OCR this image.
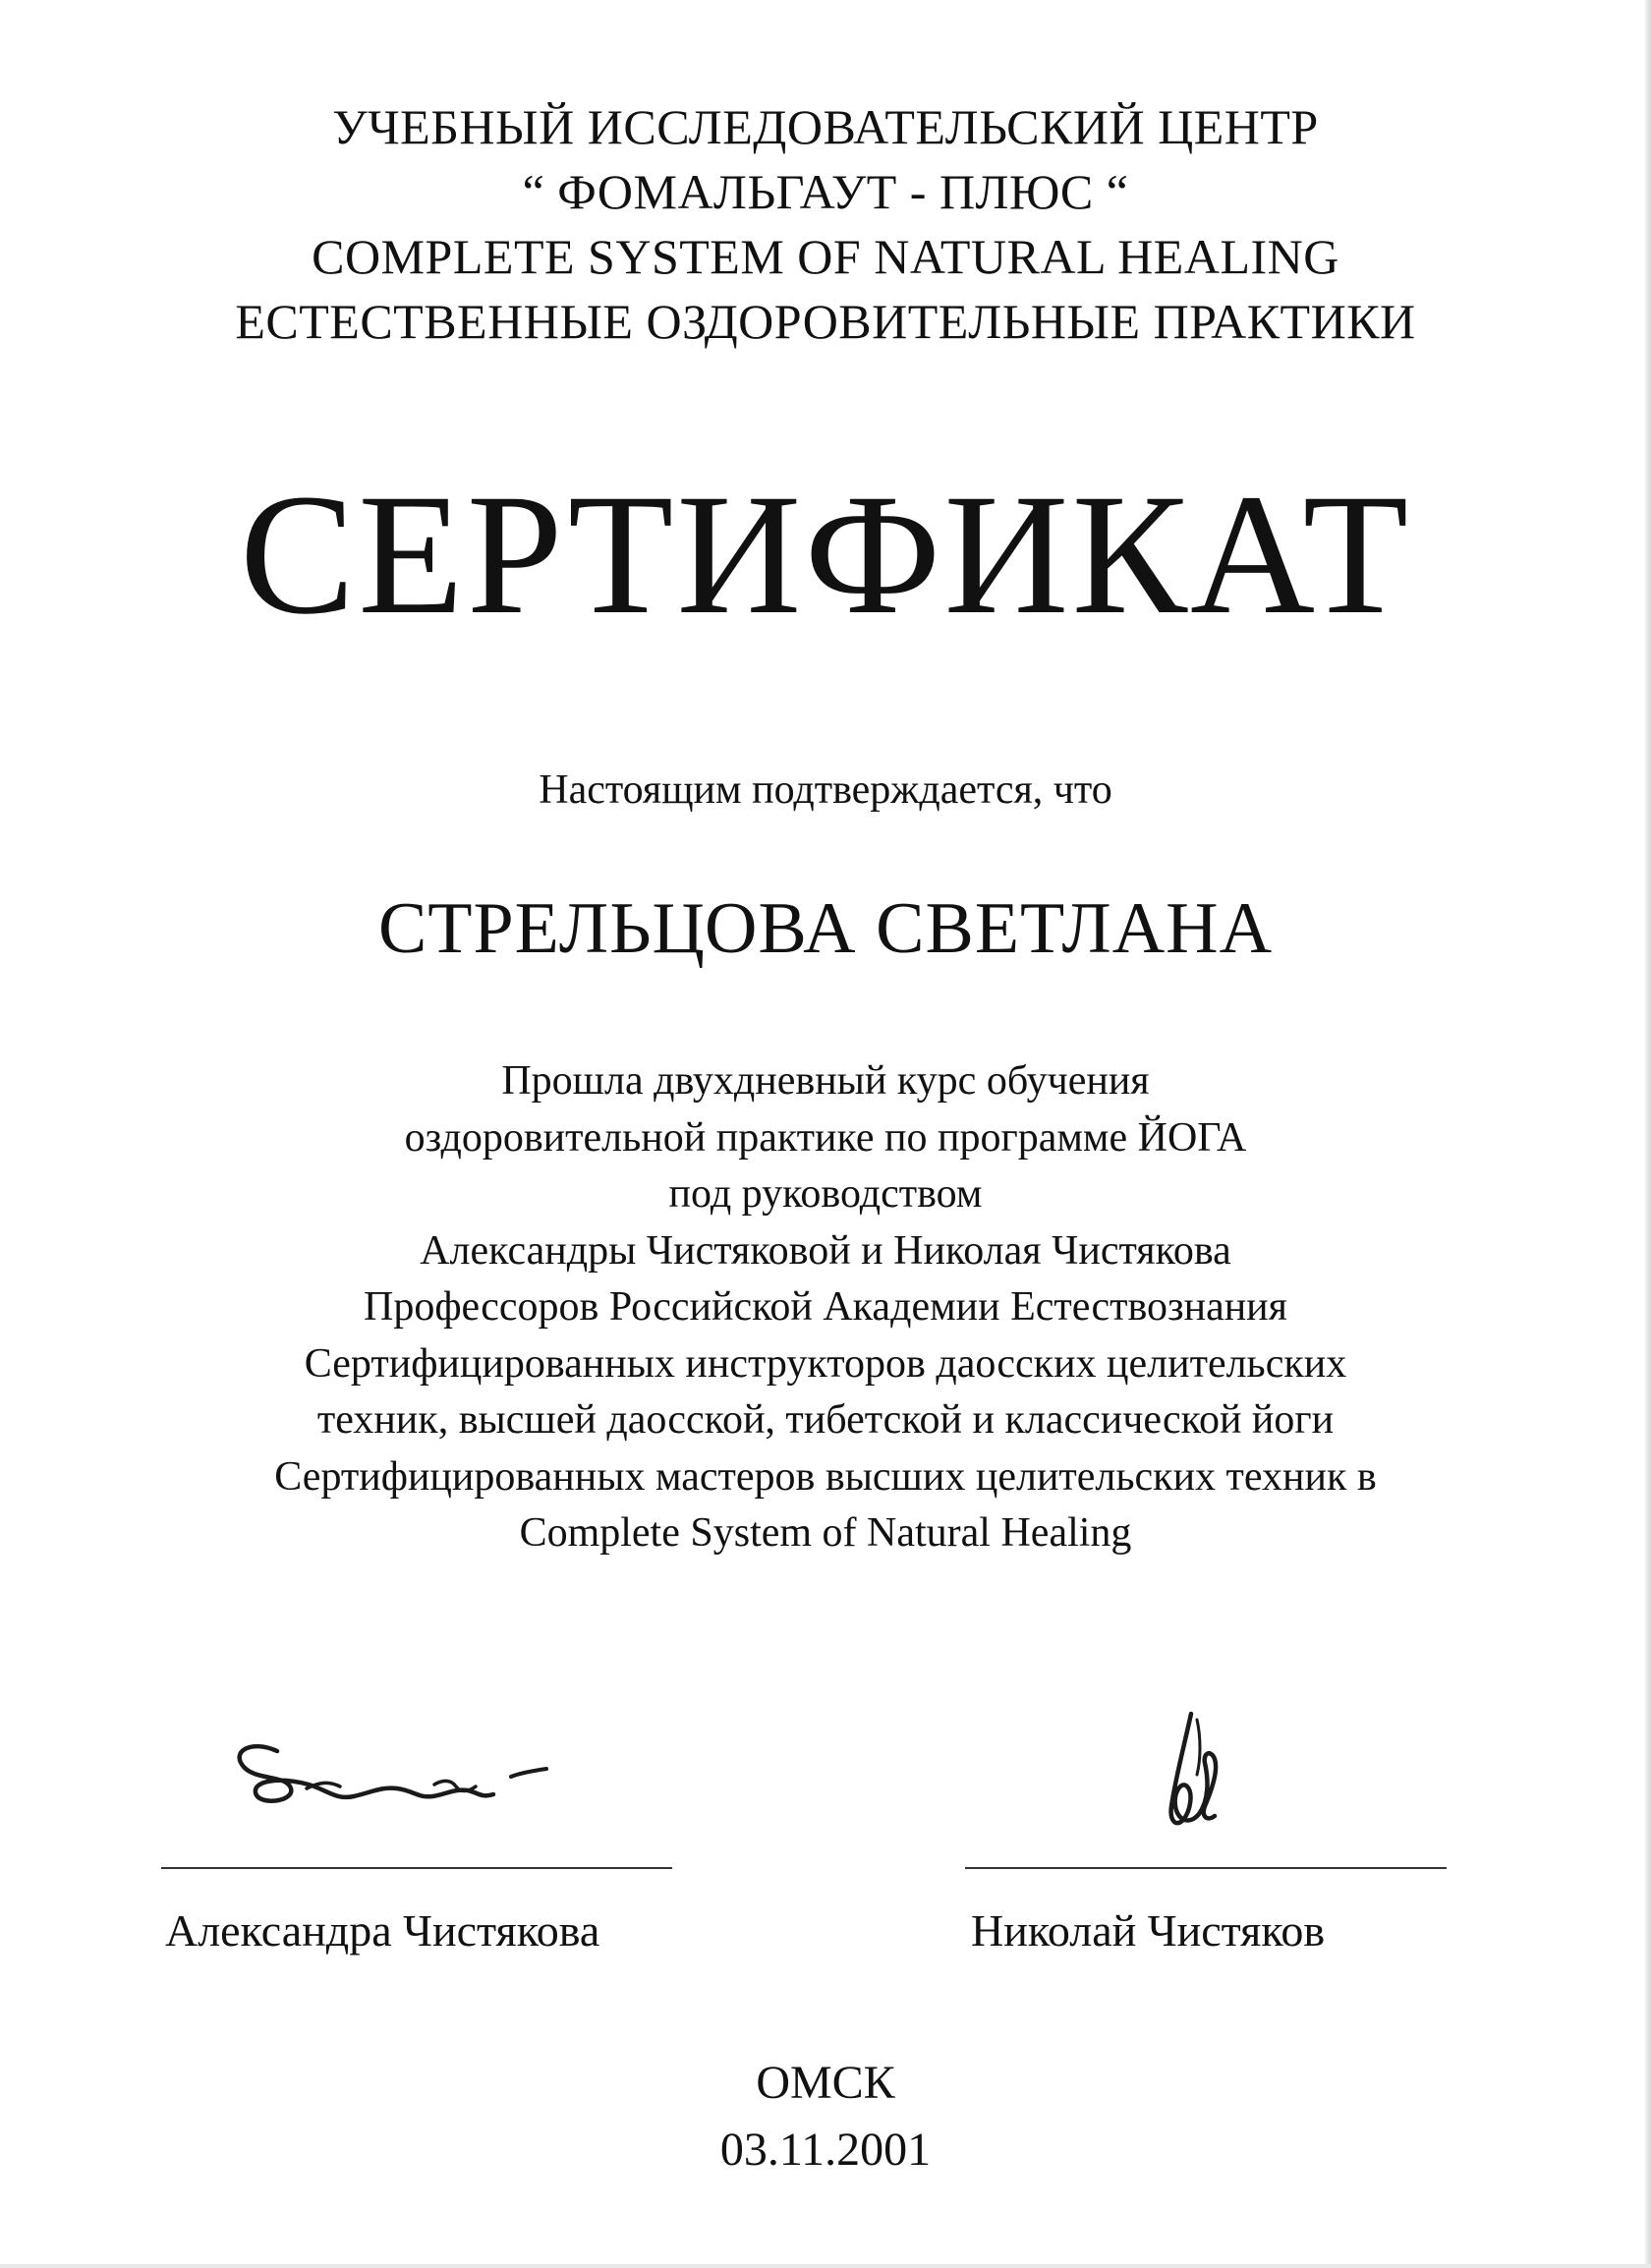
УЧЕБНЫЙ ИССЛЕДОВАТЕЛЬСКИЙ ЦЕНТР
“ ФОМАЛЬГАУТ - ПЛЮС “
COMPLETE SYSTEM OF NATURAL HEALING
ЕСТЕСТВЕННЫЕ ОЗДОРОВИТЕЛЬНЫЕ ПРАКТИКИ
СЕРТИФИКАТ
Настоящим подтверждается, что
СТРЕЛЬЦОВА СВЕТЛАНА
Прошла двухдневный курс обучения
оздоровительной практике по программе ЙОГА
под руководством
Александры Чистяковой и Николая Чистякова
Профессоров Российской Академии Естествознания
Сертифицированных инструкторов даосских целительских
техник, высшей даосской, тибетской и классической йоги
Сертифицированных мастеров высших целительских техник в
Complete System of Natural Healing
Александра Чистякова	Николай Чистяков
ОМСК
03.11.2001
